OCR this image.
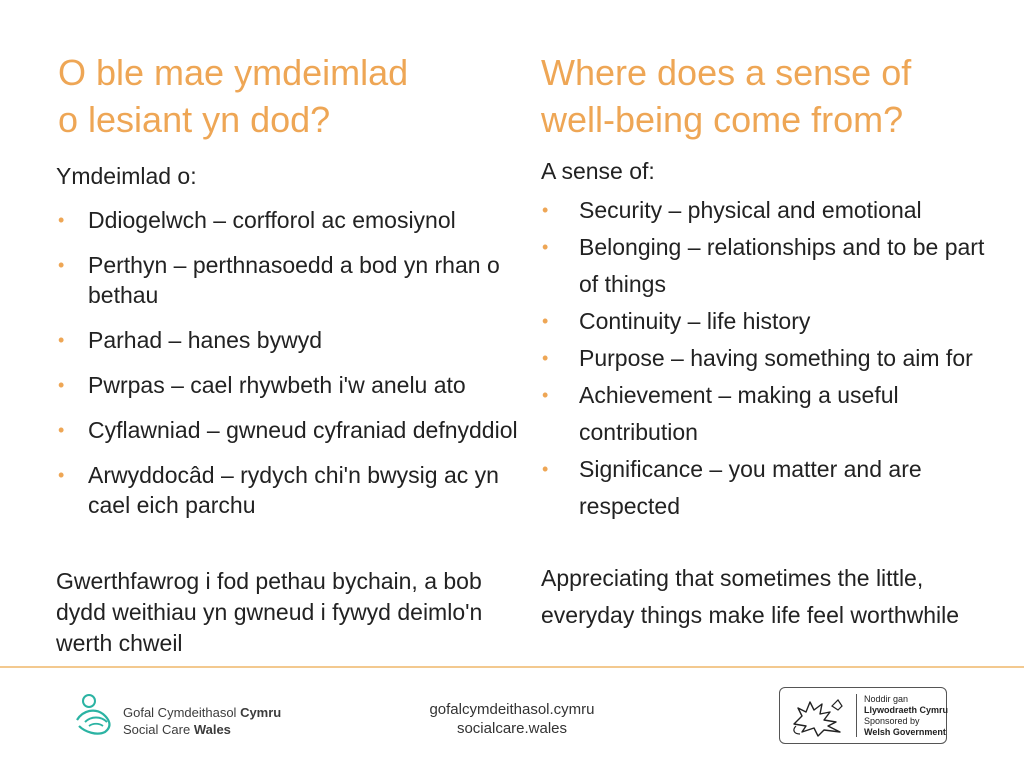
O ble mae ymdeimlad
o lesiant yn dod?
Ymdeimlad o:
• Ddiogelwch – corfforol ac emosiynol
• Perthyn – perthnasoedd a bod yn rhan o bethau
• Parhad – hanes bywyd
• Pwrpas – cael rhywbeth i'w anelu ato
• Cyflawniad – gwneud cyfraniad defnyddiol
• Arwyddocâd – rydych chi'n bwysig ac yn cael eich parchu
Gwerthfawrog i fod pethau bychain, a bob dydd weithiau yn gwneud i fywyd deimlo'n werth chweil
Where does a sense of
well-being come from?
A sense of:
• Security – physical and emotional
• Belonging – relationships and to be part of things
• Continuity – life history
• Purpose – having something to aim for
• Achievement – making a useful contribution
• Significance – you matter and are respected
Appreciating that sometimes the little, everyday things make life feel worthwhile
Gofal Cymdeithasol Cymru
Social Care Wales
gofalcymdeithasol.cymru
socialcare.wales
Noddir gan
Llywodraeth Cymru
Sponsored by
Welsh Government
